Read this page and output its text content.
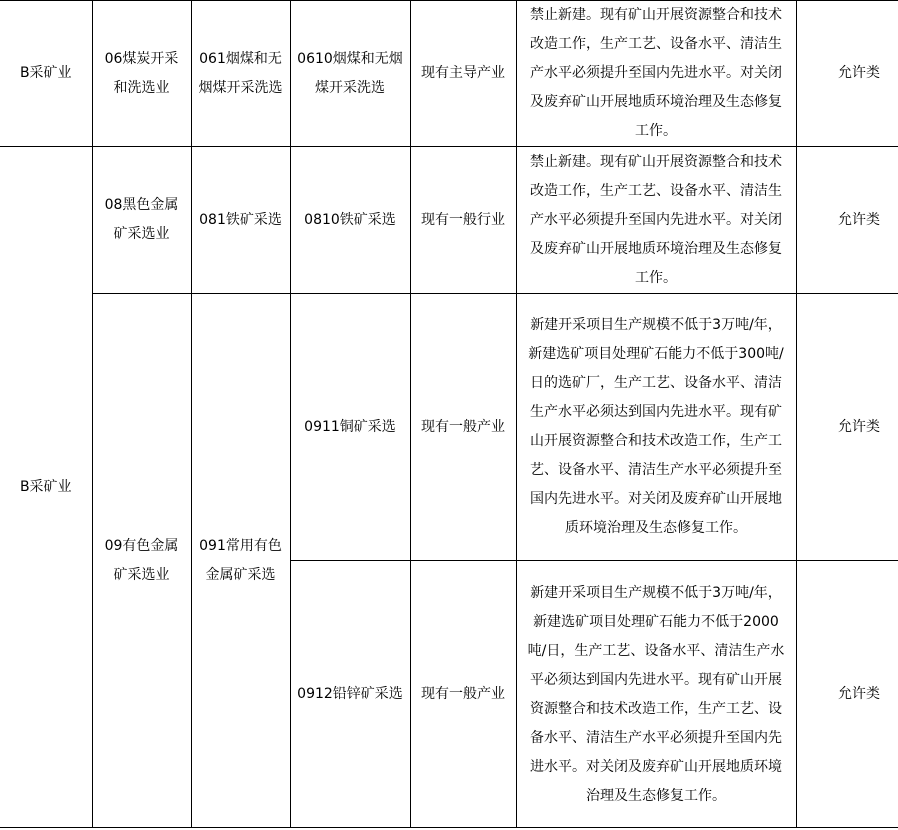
B采矿业	06煤炭开采和洗选业	061烟煤和无烟煤开采洗选	0610烟煤和无烟煤开采洗选	现有主导产业	禁止新建。现有矿山开展资源整合和技术改造工作，生产工艺、设备水平、清洁生产水平必须提升至国内先进水平。对关闭及废弃矿山开展地质环境治理及生态修复工作。	允许类
B采矿业	08黑色金属矿采选业	081铁矿采选	0810铁矿采选	现有一般行业	禁止新建。现有矿山开展资源整合和技术改造工作，生产工艺、设备水平、清洁生产水平必须提升至国内先进水平。对关闭及废弃矿山开展地质环境治理及生态修复工作。	允许类
	09有色金属矿采选业	091常用有色金属矿采选	0911铜矿采选	现有一般产业	新建开采项目生产规模不低于3万吨/年，新建选矿项目处理矿石能力不低于300吨/日的选矿厂，生产工艺、设备水平、清洁生产水平必须达到国内先进水平。现有矿山开展资源整合和技术改造工作，生产工艺、设备水平、清洁生产水平必须提升至国内先进水平。对关闭及废弃矿山开展地质环境治理及生态修复工作。	允许类
			0912铅锌矿采选	现有一般产业	新建开采项目生产规模不低于3万吨/年，新建选矿项目处理矿石能力不低于2000吨/日，生产工艺、设备水平、清洁生产水平必须达到国内先进水平。现有矿山开展资源整合和技术改造工作，生产工艺、设备水平、清洁生产水平必须提升至国内先进水平。对关闭及废弃矿山开展地质环境治理及生态修复工作。	允许类
